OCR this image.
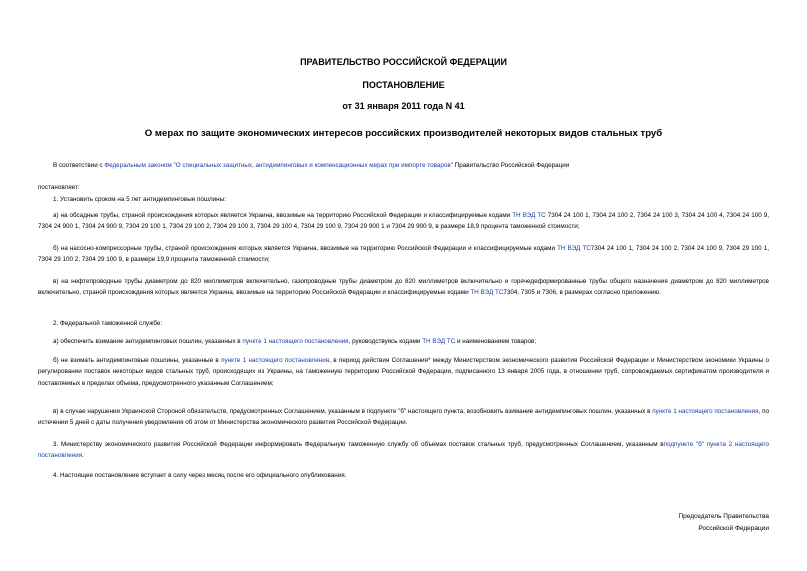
ПРАВИТЕЛЬСТВО РОССИЙСКОЙ ФЕДЕРАЦИИ
ПОСТАНОВЛЕНИЕ
от 31 января 2011 года N 41
О мерах по защите экономических интересов российских производителей некоторых видов стальных труб
В соответствии с Федеральным законом "О специальных защитных, антидемпинговых и компенсационных мерах при импорте товаров" Правительство Российской Федерации
постановляет:
1. Установить сроком на 5 лет антидемпинговые пошлины:
а) на обсадные трубы, страной происхождения которых является Украина, ввозимые на территорию Российской Федерации и классифицируемые кодами ТН ВЭД ТС 7304 24 100 1, 7304 24 100 2, 7304 24 100 3, 7304 24 100 4, 7304 24 100 9, 7304 24 900 1, 7304 24 900 9, 7304 29 100 1, 7304 29 100 2, 7304 29 100 3, 7304 29 100 4, 7304 29 100 9, 7304 29 900 1 и 7304 29 900 9, в размере 18,9 процента таможенной стоимости;
б) на насосно-компрессорные трубы, страной происхождения которых является Украина, ввозимые на территорию Российской Федерации и классифицируемые кодами ТН ВЭД ТС7304 24 100 1, 7304 24 100 2, 7304 24 100 9, 7304 29 100 1, 7304 29 100 2, 7304 29 100 9, в размере 19,9 процента таможенной стоимости;
в) на нефтепроводные трубы диаметром до 820 миллиметров включительно, газопроводные трубы диаметром до 820 миллиметров включительно и горячедеформированные трубы общего назначения диаметром до 820 миллиметров включительно, страной происхождения которых является Украина, ввозимые на территорию Российской Федерации и классифицируемые кодами ТН ВЭД ТС7304, 7305 и 7306, в размерах согласно приложению.
2. Федеральной таможенной службе:
а) обеспечить взимание антидемпинговых пошлин, указанных в пункте 1 настоящего постановления, руководствуясь кодами ТН ВЭД ТС и наименованием товаров;
б) не взимать антидемпинговые пошлины, указанные в пункте 1 настоящего постановления, в период действия Соглашения* между Министерством экономического развития Российской Федерации и Министерством экономики Украины о регулировании поставок некоторых видов стальных труб, происходящих из Украины, на таможенную территорию Российской Федерации, подписанного 13 января 2005 года, в отношении труб, сопровождаемых сертификатом производителя и поставляемых в пределах объема, предусмотренного указанным Соглашением;
в) в случае нарушения Украинской Стороной обязательств, предусмотренных Соглашением, указанным в подпункте "б" настоящего пункта, возобновить взимание антидемпинговых пошлин, указанных в пункте 1 настоящего постановления, по истечении 5 дней с даты получения уведомления об этом от Министерства экономического развития Российской Федерации.
3. Министерству экономического развития Российской Федерации информировать Федеральную таможенную службу об объемах поставок стальных труб, предусмотренных Соглашением, указанным вподпункте "б" пункта 2 настоящего постановления.
4. Настоящее постановление вступает в силу через месяц после его официального опубликования.
Председатель Правительства
Российской Федерации
